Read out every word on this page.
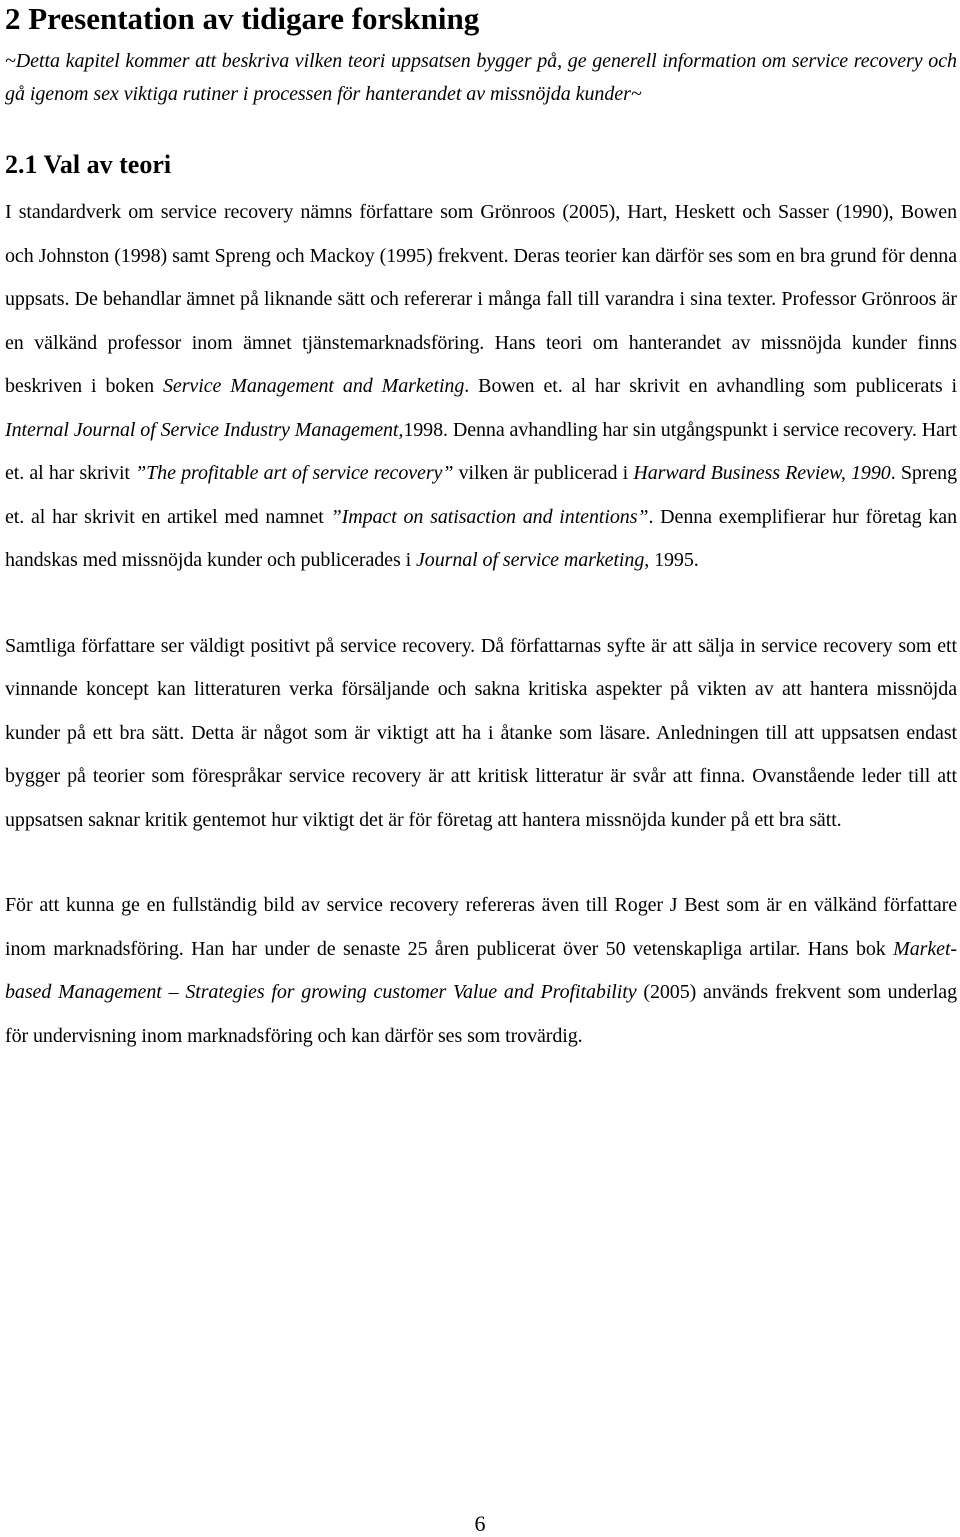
2 Presentation av tidigare forskning

~Detta kapitel kommer att beskriva vilken teori uppsatsen bygger på, ge generell information om service recovery och gå igenom sex viktiga rutiner i processen för hanterandet av missnöjda kunder~

2.1 Val av teori

I standardverk om service recovery nämns författare som Grönroos (2005), Hart, Heskett och Sasser (1990), Bowen och Johnston (1998) samt Spreng och Mackoy (1995) frekvent. Deras teorier kan därför ses som en bra grund för denna uppsats. De behandlar ämnet på liknande sätt och refererar i många fall till varandra i sina texter. Professor Grönroos är en välkänd professor inom ämnet tjänstemarknadsföring. Hans teori om hanterandet av missnöjda kunder finns beskriven i boken Service Management and Marketing. Bowen et. al har skrivit en avhandling som publicerats i Internal Journal of Service Industry Management,1998. Denna avhandling har sin utgångspunkt i service recovery. Hart et. al har skrivit ”The profitable art of service recovery” vilken är publicerad i Harward Business Review, 1990. Spreng et. al har skrivit en artikel med namnet ”Impact on satisaction and intentions”. Denna exemplifierar hur företag kan handskas med missnöjda kunder och publicerades i Journal of service marketing, 1995.

Samtliga författare ser väldigt positivt på service recovery. Då författarnas syfte är att sälja in service recovery som ett vinnande koncept kan litteraturen verka försäljande och sakna kritiska aspekter på vikten av att hantera missnöjda kunder på ett bra sätt. Detta är något som är viktigt att ha i åtanke som läsare. Anledningen till att uppsatsen endast bygger på teorier som förespråkar service recovery är att kritisk litteratur är svår att finna. Ovanstående leder till att uppsatsen saknar kritik gentemot hur viktigt det är för företag att hantera missnöjda kunder på ett bra sätt.

För att kunna ge en fullständig bild av service recovery refereras även till Roger J Best som är en välkänd författare inom marknadsföring. Han har under de senaste 25 åren publicerat över 50 vetenskapliga artilar. Hans bok Market-based Management – Strategies for growing customer Value and Profitability (2005) används frekvent som underlag för undervisning inom marknadsföring och kan därför ses som trovärdig.

6
